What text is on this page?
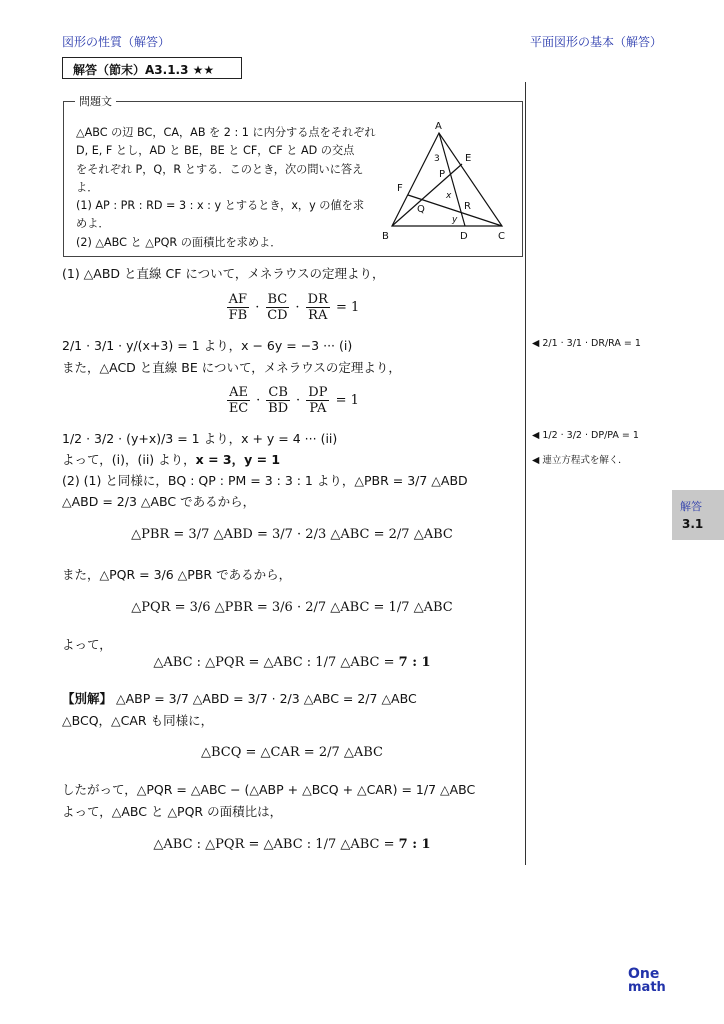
図形の性質（解答）	平面図形の基本（解答）
解答（節末）A3.1.3 ★★
問題文
△ABC の辺 BC，CA，AB を 2 : 1 に内分する点をそれぞれ
D, E, F とし，AD と BE，BE と CF，CF と AD の交点
をそれぞれ P，Q，R とする．このとき，次の問いに答えよ．
(1) AP : PR : RD = 3 : x : y とするとき，x，y の値を求
めよ．
(2) △ABC と △PQR の面積比を求めよ．
A
B	C
D
E
F
P
Q	R
3
x
y
(1) △ABD と直線 CF について，メネラウスの定理より，
$\frac{AF}{FB} \cdot \frac{BC}{CD} \cdot \frac{DR}{RA} = 1$
2/1 · 3/1 · y/(x+3) = 1 より，x − 6y = −3 ··· (i)	◀ 2/1 · 3/1 · DR/RA = 1
また，△ACD と直線 BE について，メネラウスの定理より，
$\frac{AE}{EC} \cdot \frac{CB}{BD} \cdot \frac{DP}{PA} = 1$
1/2 · 3/2 · (y+x)/3 = 1 より，x + y = 4 ··· (ii)	◀ 1/2 · 3/2 · DP/PA = 1
よって，(i)，(ii) より，x = 3，y = 1	◀ 連立方程式を解く．
(2) (1) と同様に，BQ : QP : PM = 3 : 3 : 1 より，△PBR = 3/7 △ABD
△ABD = 2/3 △ABC であるから，
△PBR = 3/7 △ABD = 3/7 · 2/3 △ABC = 2/7 △ABC
また，△PQR = 3/6 △PBR であるから，
△PQR = 3/6 △PBR = 3/6 · 2/7 △ABC = 1/7 △ABC
よって，
△ABC : △PQR = △ABC : 1/7 △ABC = 7 : 1
【別解】 △ABP = 3/7 △ABD = 3/7 · 2/3 △ABC = 2/7 △ABC
△BCQ，△CAR も同様に，
△BCQ = △CAR = 2/7 △ABC
したがって，△PQR = △ABC − (△ABP + △BCQ + △CAR) = 1/7 △ABC
よって，△ABC と △PQR の面積比は，
△ABC : △PQR = △ABC : 1/7 △ABC = 7 : 1
解答
3.1
One
math
